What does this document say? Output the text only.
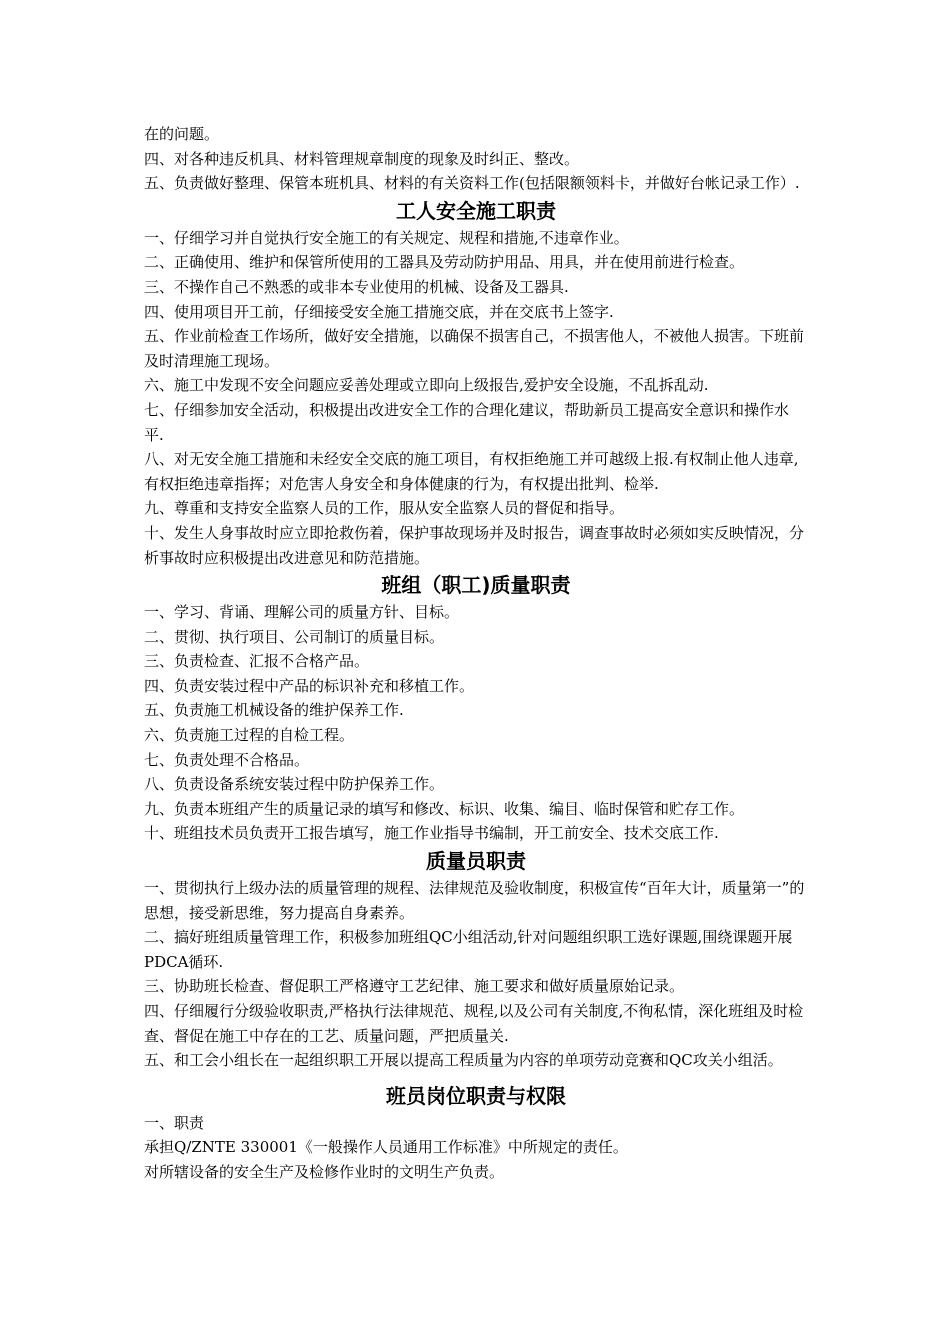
在的问题。

四、对各种违反机具、材料管理规章制度的现象及时纠正、整改。

五、负责做好整理、保管本班机具、材料的有关资料工作(包括限额领料卡，并做好台帐记录工作）.

工人安全施工职责

一、仔细学习并自觉执行安全施工的有关规定、规程和措施,不违章作业。

二、正确使用、维护和保管所使用的工器具及劳动防护用品、用具，并在使用前进行检查。

三、不操作自己不熟悉的或非本专业使用的机械、设备及工器具.

四、使用项目开工前，仔细接受安全施工措施交底，并在交底书上签字.

五、作业前检查工作场所，做好安全措施，以确保不损害自己，不损害他人，不被他人损害。下班前及时清理施工现场。

六、施工中发现不安全问题应妥善处理或立即向上级报告,爱护安全设施，不乱拆乱动.

七、仔细参加安全活动，积极提出改进安全工作的合理化建议，帮助新员工提高安全意识和操作水平.

八、对无安全施工措施和未经安全交底的施工项目，有权拒绝施工并可越级上报.有权制止他人违章,有权拒绝违章指挥；对危害人身安全和身体健康的行为，有权提出批判、检举.

九、尊重和支持安全监察人员的工作，服从安全监察人员的督促和指导。

十、发生人身事故时应立即抢救伤着，保护事故现场并及时报告，调查事故时必须如实反映情况，分析事故时应积极提出改进意见和防范措施。

班组（职工)质量职责

一、学习、背诵、理解公司的质量方针、目标。

二、贯彻、执行项目、公司制订的质量目标。

三、负责检查、汇报不合格产品。

四、负责安装过程中产品的标识补充和移植工作。

五、负责施工机械设备的维护保养工作.

六、负责施工过程的自检工程。

七、负责处理不合格品。

八、负责设备系统安装过程中防护保养工作。

九、负责本班组产生的质量记录的填写和修改、标识、收集、编目、临时保管和贮存工作。

十、班组技术员负责开工报告填写，施工作业指导书编制，开工前安全、技术交底工作.

质量员职责

一、贯彻执行上级办法的质量管理的规程、法律规范及验收制度，积极宣传“百年大计，质量第一”的思想，接受新思维，努力提高自身素养。

二、搞好班组质量管理工作，积极参加班组QC小组活动,针对问题组织职工选好课题,围绕课题开展PDCA循环.

三、协助班长检查、督促职工严格遵守工艺纪律、施工要求和做好质量原始记录。

四、仔细履行分级验收职责,严格执行法律规范、规程,以及公司有关制度,不徇私情，深化班组及时检查、督促在施工中存在的工艺、质量问题，严把质量关.

五、和工会小组长在一起组织职工开展以提高工程质量为内容的单项劳动竞赛和QC攻关小组活。

班员岗位职责与权限

一、职责

承担Q/ZNTE 330001《一般操作人员通用工作标准》中所规定的责任。

对所辖设备的安全生产及检修作业时的文明生产负责。
